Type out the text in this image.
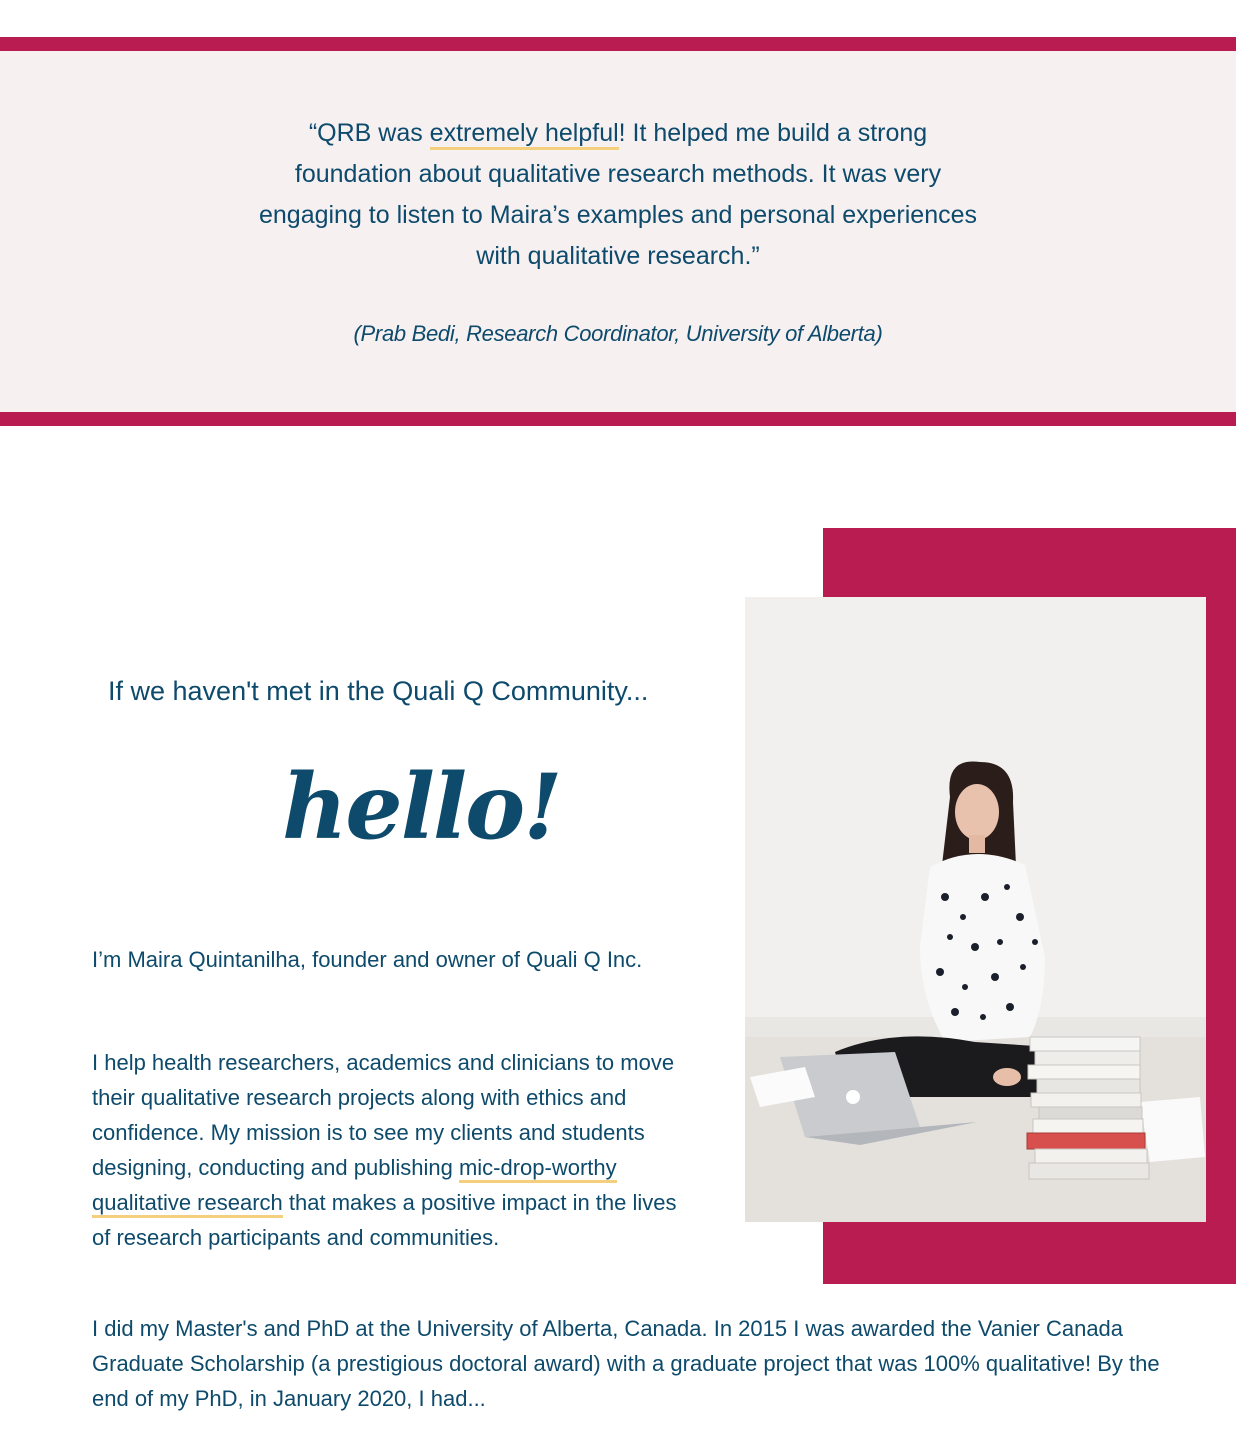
“QRB was extremely helpful! It helped me build a strong foundation about qualitative research methods. It was very engaging to listen to Maira’s examples and personal experiences with qualitative research.”

(Prab Bedi, Research Coordinator, University of Alberta)

If we haven't met in the Quali Q Community...
hello!

I’m Maira Quintanilha, founder and owner of Quali Q Inc.

I help health researchers, academics and clinicians to move their qualitative research projects along with ethics and confidence. My mission is to see my clients and students designing, conducting and publishing mic-drop-worthy qualitative research that makes a positive impact in the lives of research participants and communities.

I did my Master's and PhD at the University of Alberta, Canada. In 2015 I was awarded the Vanier Canada Graduate Scholarship (a prestigious doctoral award) with a graduate project that was 100% qualitative! By the end of my PhD, in January 2020, I had...
